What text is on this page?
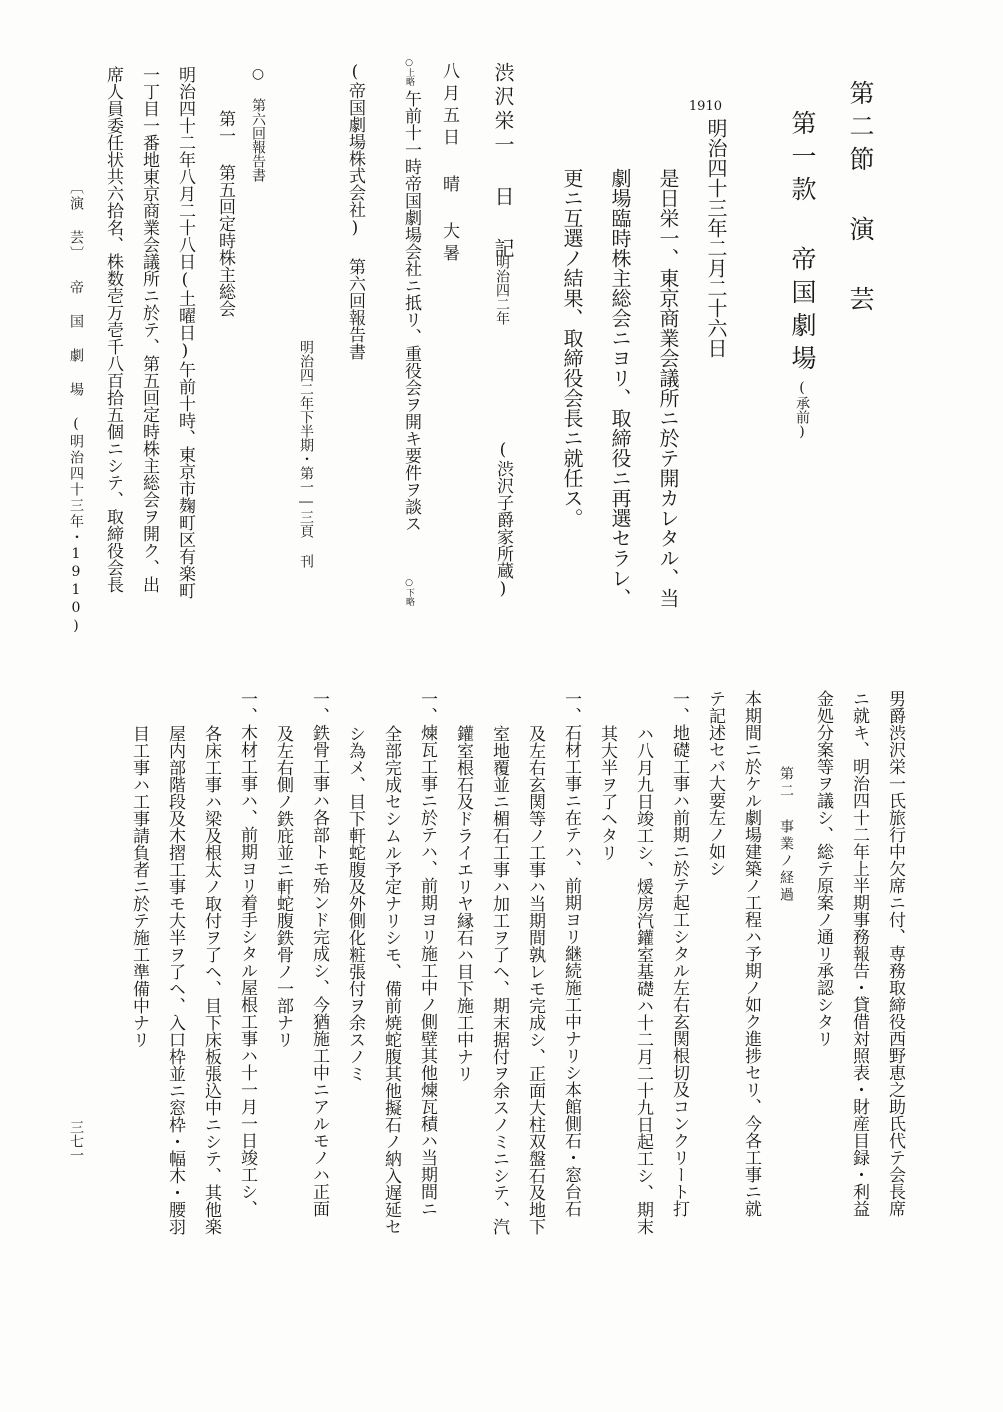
第二節 演 芸
第一款 帝国劇場
(承前)
1910
明治四十三年二月二十六日
是日栄一、東京商業会議所ニ於テ開カレタル、当
劇場臨時株主総会ニヨリ、取締役ニ再選セラレ、
更ニ互選ノ結果、取締役会長ニ就任ス。
渋沢栄一 日 記
明治四二年
(渋沢子爵家所蔵)
八月五日 晴 大暑
○上略
午前十一時帝国劇場会社ニ抵リ、重役会ヲ開キ要件ヲ談ス
○下略
(帝国劇場株式会社) 第六回報告書
明治四二年下半期・第一―三頁 刊
○ 第六回報告書
第一 第五回定時株主総会
明治四十二年八月二十八日(土曜日)午前十時、東京市麹町区有楽町
一丁目一番地東京商業会議所ニ於テ、第五回定時株主総会ヲ開ク、出
席人員委任状共六拾名、株数壱万壱千八百拾五個ニシテ、取締役会長
男爵渋沢栄一氏旅行中欠席ニ付、専務取締役西野恵之助氏代テ会長席
ニ就キ、明治四十二年上半期事務報告・貸借対照表・財産目録・利益
金処分案等ヲ議シ、総テ原案ノ通リ承認シタリ
第二 事業ノ経過
本期間ニ於ケル劇場建築ノ工程ハ予期ノ如ク進捗セリ、今各工事ニ就
テ記述セバ大要左ノ如シ
一、地礎工事ハ前期ニ於テ起工シタル左右玄関根切及コンクリート打
ハ八月九日竣工シ、煖房汽鑵室基礎ハ十二月二十九日起工シ、期末
其大半ヲ了ヘタリ
一、石材工事ニ在テハ、前期ヨリ継続施工中ナリシ本館側石・窓台石
及左右玄関等ノ工事ハ当期間孰レモ完成シ、正面大柱双盤石及地下
室地覆並ニ楣石工事ハ加工ヲ了ヘ、期末据付ヲ余スノミニシテ、汽
鑵室根石及ドライエリヤ縁石ハ目下施工中ナリ
一、煉瓦工事ニ於テハ、前期ヨリ施工中ノ側壁其他煉瓦積ハ当期間ニ
全部完成セシムル予定ナリシモ、備前焼蛇腹其他擬石ノ納入遅延セ
シ為メ、目下軒蛇腹及外側化粧張付ヲ余スノミ
一、鉄骨工事ハ各部トモ殆ンド完成シ、今猶施工中ニアルモノハ正面
及左右側ノ鉄庇並ニ軒蛇腹鉄骨ノ一部ナリ
一、木材工事ハ、前期ヨリ着手シタル屋根工事ハ十一月一日竣工シ、
各床工事ハ梁及根太ノ取付ヲ了ヘ、目下床板張込中ニシテ、其他楽
屋内部階段及木摺工事モ大半ヲ了ヘ、入口枠並ニ窓枠・幅木・腰羽
目工事ハ工事請負者ニ於テ施工準備中ナリ
〔演 芸〕 帝 国 劇 場 (明治四十三年・1910)
三七一
